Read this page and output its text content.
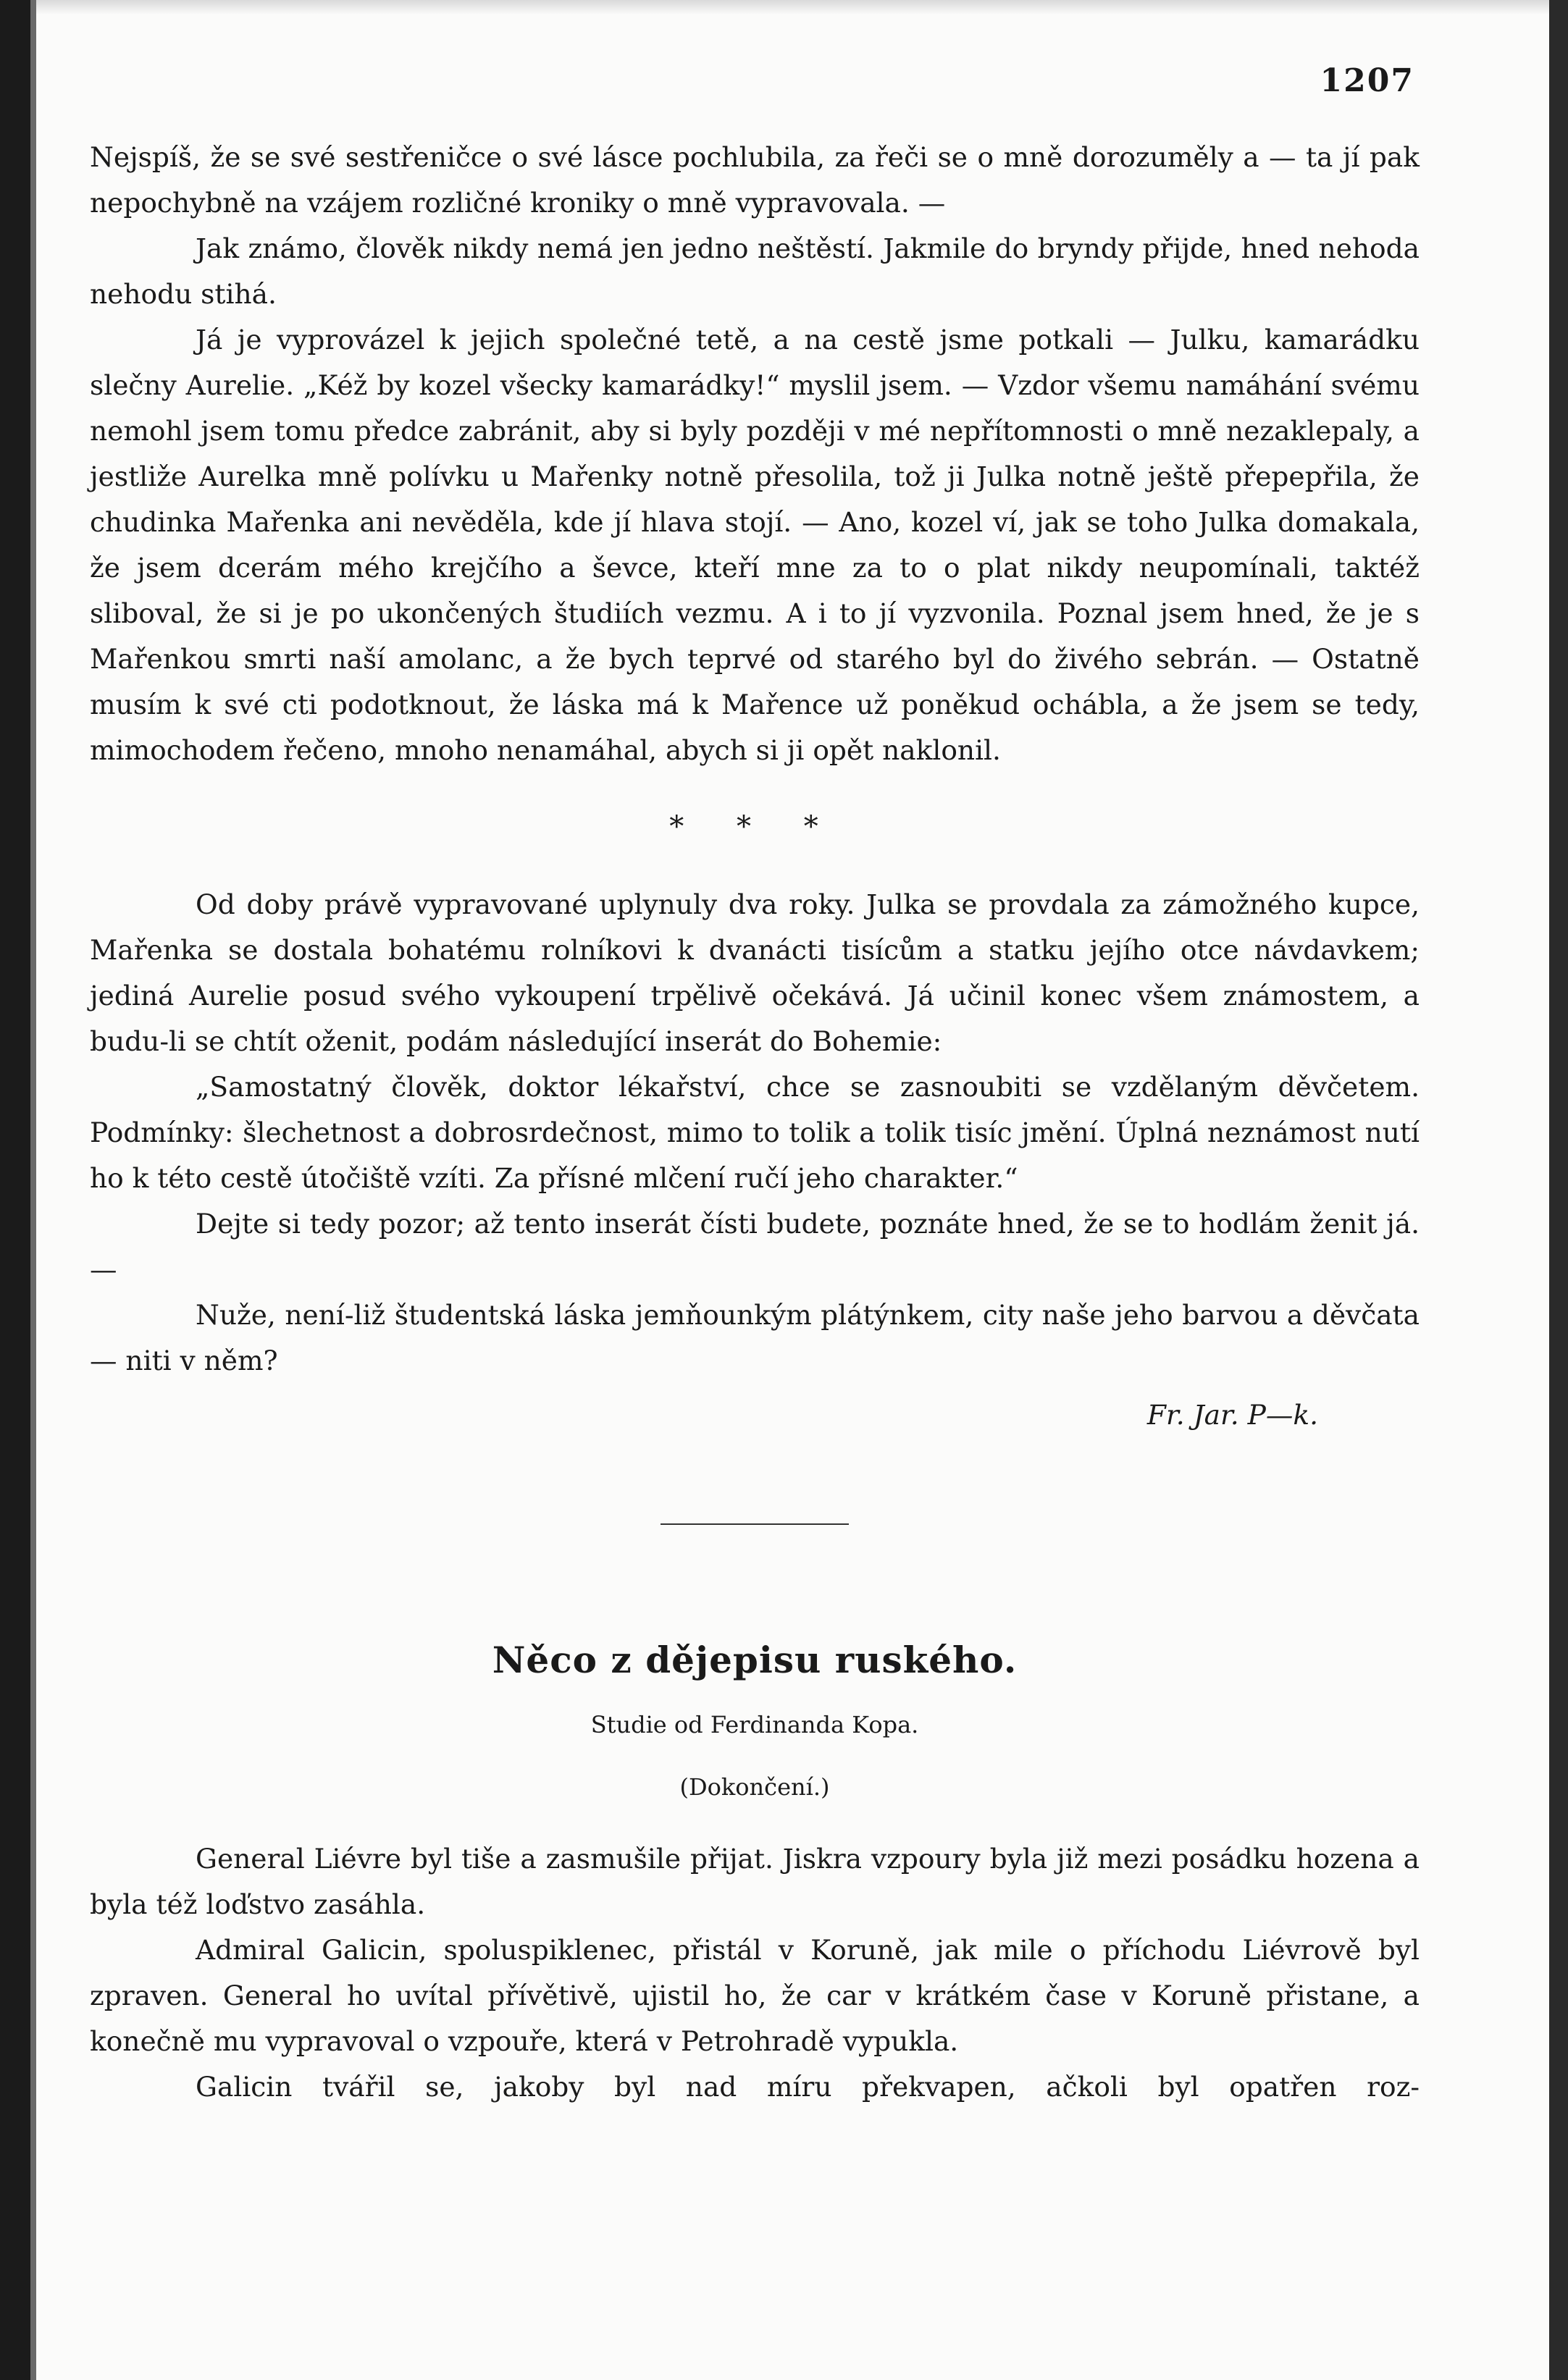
1207

Nejspíš, že se své sestřeničce o své lásce pochlubila, za řeči se o mně dorozuměly a — ta jí pak nepochybně na vzájem rozličné kroniky o mně vypravovala. —

Jak známo, člověk nikdy nemá jen jedno neštěstí. Jakmile do bryndy přijde, hned nehoda nehodu stihá.

Já je vyprovázel k jejich společné tetě, a na cestě jsme potkali — Julku, kamarádku slečny Aurelie. „Kéž by kozel všecky kamarádky!“ myslil jsem. — Vzdor všemu namáhání svému nemohl jsem tomu předce zabránit, aby si byly později v mé nepřítomnosti o mně nezaklepaly, a jestliže Aurelka mně polívku u Mařenky notně přesolila, tož ji Julka notně ještě přepepřila, že chudinka Mařenka ani nevěděla, kde jí hlava stojí. — Ano, kozel ví, jak se toho Julka domakala, že jsem dcerám mého krejčího a ševce, kteří mne za to o plat nikdy neupomínali, taktéž sliboval, že si je po ukončených študiích vezmu. A i to jí vyzvonila. Poznal jsem hned, že je s Mařenkou smrti naší amolanc, a že bych teprvé od starého byl do živého sebrán. — Ostatně musím k své cti podotknout, že láska má k Mařence už poněkud ochábla, a že jsem se tedy, mimochodem řečeno, mnoho nenamáhal, abych si ji opět naklonil.

* * *

Od doby právě vypravované uplynuly dva roky. Julka se provdala za zámožného kupce, Mařenka se dostala bohatému rolníkovi k dvanácti tisícům a statku jejího otce návdavkem; jediná Aurelie posud svého vykoupení trpělivě očekává. Já učinil konec všem známostem, a budu-li se chtít oženit, podám následující inserát do Bohemie:

„Samostatný člověk, doktor lékařství, chce se zasnoubiti se vzdělaným děvčetem. Podmínky: šlechetnost a dobrosrdečnost, mimo to tolik a tolik tisíc jmění. Úplná neznámost nutí ho k této cestě útočiště vzíti. Za přísné mlčení ručí jeho charakter.“

Dejte si tedy pozor; až tento inserát čísti budete, poznáte hned, že se to hodlám ženit já. —

Nuže, není-liž študentská láska jemňounkým plátýnkem, city naše jeho barvou a děvčata — niti v něm?

Fr. Jar. P—k.
Něco z dějepisu ruského.
Studie od Ferdinanda Kopa.
(Dokončení.)

General Liévre byl tiše a zasmušile přijat. Jiskra vzpoury byla již mezi posádku hozena a byla též loďstvo zasáhla.

Admiral Galicin, spoluspiklenec, přistál v Koruně, jak mile o příchodu Liévrově byl zpraven. General ho uvítal přívětivě, ujistil ho, že car v krátkém čase v Koruně přistane, a konečně mu vypravoval o vzpouře, která v Petrohradě vypukla.

Galicin tvářil se, jakoby byl nad míru překvapen, ačkoli byl opatřen roz-
